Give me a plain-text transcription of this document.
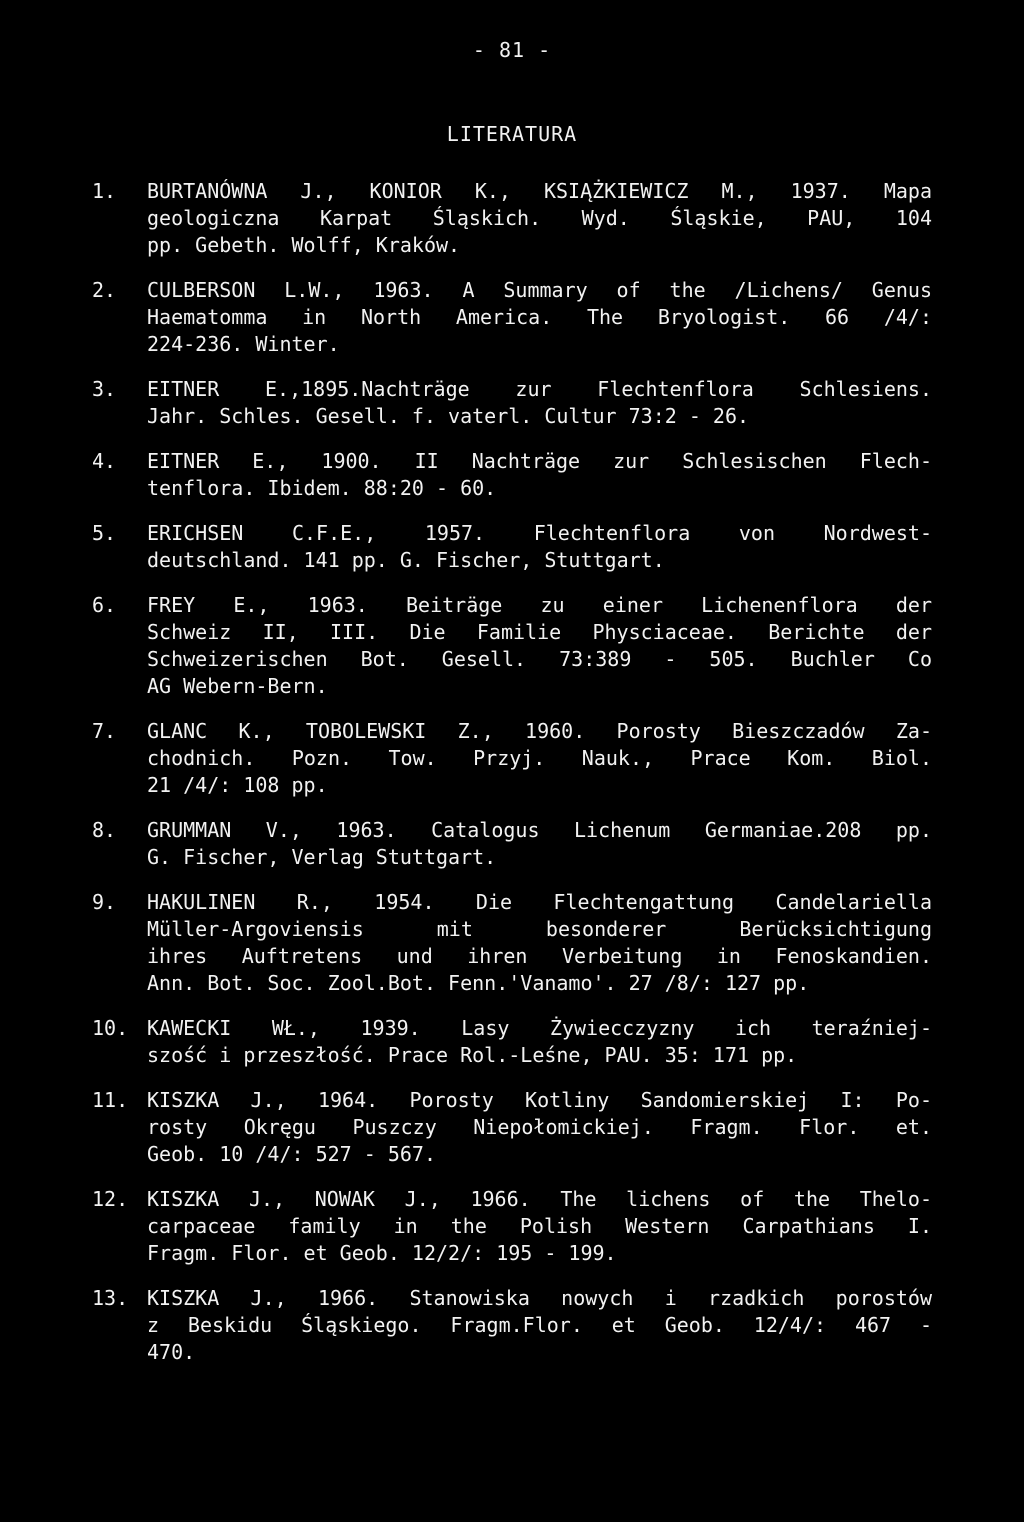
- 81 -
LITERATURA
1.	BURTANÓWNA J., KONIOR K., KSIĄŻKIEWICZ M., 1937. Mapa
geologiczna Karpat Śląskich. Wyd. Śląskie, PAU, 104
pp. Gebeth. Wolff, Kraków.
2.	CULBERSON L.W., 1963. A Summary of the /Lichens/ Genus
Haematomma in North America. The Bryologist. 66 /4/:
224-236. Winter.
3.	EITNER E.,1895.Nachträge zur Flechtenflora Schlesiens.
Jahr. Schles. Gesell. f. vaterl. Cultur 73:2 - 26.
4.	EITNER E., 1900. II Nachträge zur Schlesischen Flech-
tenflora. Ibidem. 88:20 - 60.
5.	ERICHSEN C.F.E., 1957. Flechtenflora von Nordwest-
deutschland. 141 pp. G. Fischer, Stuttgart.
6.	FREY E., 1963. Beiträge zu einer Lichenenflora der
Schweiz II, III. Die Familie Physciaceae. Berichte der
Schweizerischen Bot. Gesell. 73:389 - 505. Buchler Co
AG Webern-Bern.
7.	GLANC K., TOBOLEWSKI Z., 1960. Porosty Bieszczadów Za-
chodnich. Pozn. Tow. Przyj. Nauk., Prace Kom. Biol.
21 /4/: 108 pp.
8.	GRUMMAN V., 1963. Catalogus Lichenum Germaniae.208 pp.
G. Fischer, Verlag Stuttgart.
9.	HAKULINEN R., 1954. Die Flechtengattung Candelariella
Müller-Argoviensis mit besonderer Berücksichtigung
ihres Auftretens und ihren Verbeitung in Fenoskandien.
Ann. Bot. Soc. Zool.Bot. Fenn.'Vanamo'. 27 /8/: 127 pp.
10. KAWECKI WŁ., 1939. Lasy Żywiecczyzny ich teraźniej-
szość i przeszłość. Prace Rol.-Leśne, PAU. 35: 171 pp.
11. KISZKA J., 1964. Porosty Kotliny Sandomierskiej I: Po-
rosty Okręgu Puszczy Niepołomickiej. Fragm. Flor. et.
Geob. 10 /4/: 527 - 567.
12. KISZKA J., NOWAK J., 1966. The lichens of the Thelo-
carpaceae family in the Polish Western Carpathians I.
Fragm. Flor. et Geob. 12/2/: 195 - 199.
13. KISZKA J., 1966. Stanowiska nowych i rzadkich porostów
z Beskidu Śląskiego. Fragm.Flor. et Geob. 12/4/: 467 -
470.
